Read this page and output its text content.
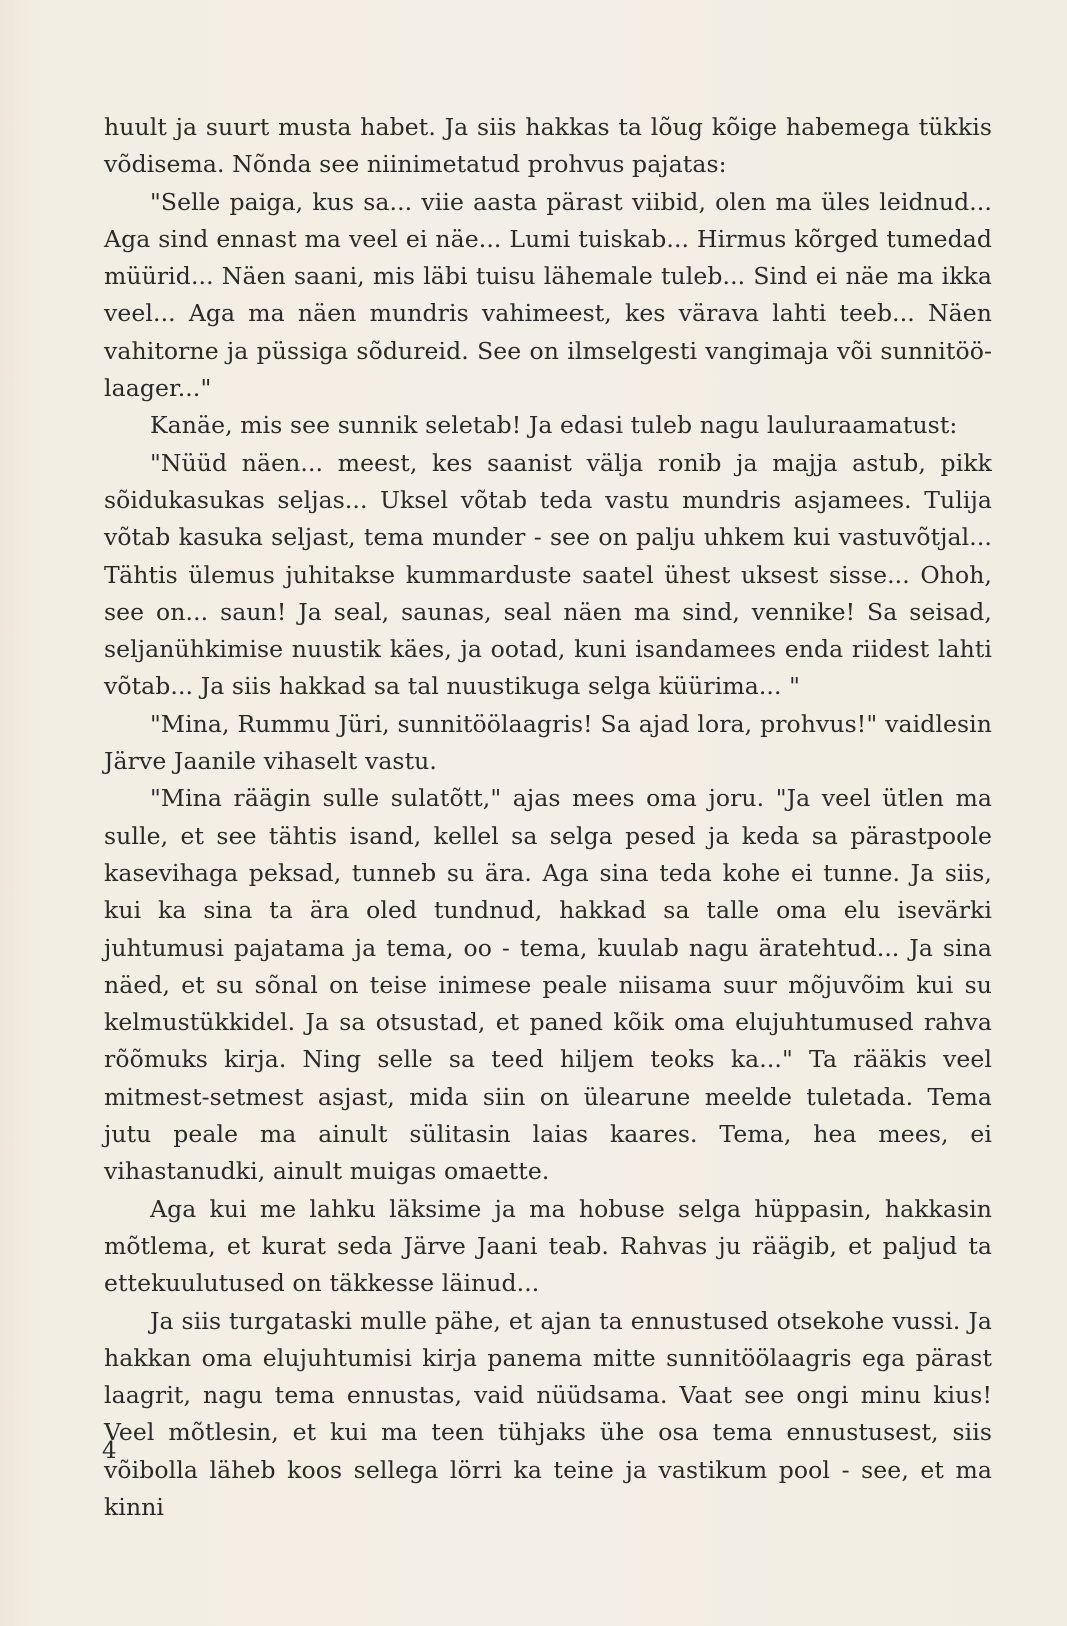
huult ja suurt musta habet. Ja siis hakkas ta lõug kõige habemega tükkis võdisema. Nõnda see niinimetatud prohvus pajatas:

"Selle paiga, kus sa... viie aasta pärast viibid, olen ma üles leidnud... Aga sind ennast ma veel ei näe... Lumi tuiskab... Hirmus kõrged tumedad müürid... Näen saani, mis läbi tuisu lähemale tuleb... Sind ei näe ma ikka veel... Aga ma näen mundris vahimeest, kes värava lahti teeb... Näen vahitorne ja püssiga sõdureid. See on ilmselgesti vangimaja või sunnitöö-laager..."

Kanäe, mis see sunnik seletab! Ja edasi tuleb nagu lauluraamatust:

"Nüüd näen... meest, kes saanist välja ronib ja majja astub, pikk sõidukasukas seljas... Uksel võtab teda vastu mundris asjamees. Tulija võtab kasuka seljast, tema munder - see on palju uhkem kui vastuvõtjal... Tähtis ülemus juhitakse kummarduste saatel ühest uksest sisse... Ohoh, see on... saun! Ja seal, saunas, seal näen ma sind, vennike! Sa seisad, seljanühkimise nuustik käes, ja ootad, kuni isandamees enda riidest lahti võtab... Ja siis hakkad sa tal nuustikuga selga küürima... "

"Mina, Rummu Jüri, sunnitöölaagris! Sa ajad lora, prohvus!" vaidlesin Järve Jaanile vihaselt vastu.

"Mina räägin sulle sulatõtt," ajas mees oma joru. "Ja veel ütlen ma sulle, et see tähtis isand, kellel sa selga pesed ja keda sa pärastpoole kasevihaga peksad, tunneb su ära. Aga sina teda kohe ei tunne. Ja siis, kui ka sina ta ära oled tundnud, hakkad sa talle oma elu isevärki juhtumusi pajatama ja tema, oo - tema, kuulab nagu äratehtud... Ja sina näed, et su sõnal on teise inimese peale niisama suur mõjuvõim kui su kelmustükkidel. Ja sa otsustad, et paned kõik oma elujuhtumused rahva rõõmuks kirja. Ning selle sa teed hiljem teoks ka..." Ta rääkis veel mitmest-setmest asjast, mida siin on ülearune meelde tuletada. Tema jutu peale ma ainult sülitasin laias kaares. Tema, hea mees, ei vihastanudki, ainult muigas omaette.

Aga kui me lahku läksime ja ma hobuse selga hüppasin, hakkasin mõtlema, et kurat seda Järve Jaani teab. Rahvas ju räägib, et paljud ta ettekuulutused on täkkesse läinud...

Ja siis turgataski mulle pähe, et ajan ta ennustused otsekohe vussi. Ja hakkan oma elujuhtumisi kirja panema mitte sunnitöölaagris ega pärast laagrit, nagu tema ennustas, vaid nüüdsama. Vaat see ongi minu kius! Veel mõtlesin, et kui ma teen tühjaks ühe osa tema ennustusest, siis võibolla läheb koos sellega lörri ka teine ja vastikum pool - see, et ma kinni

4
